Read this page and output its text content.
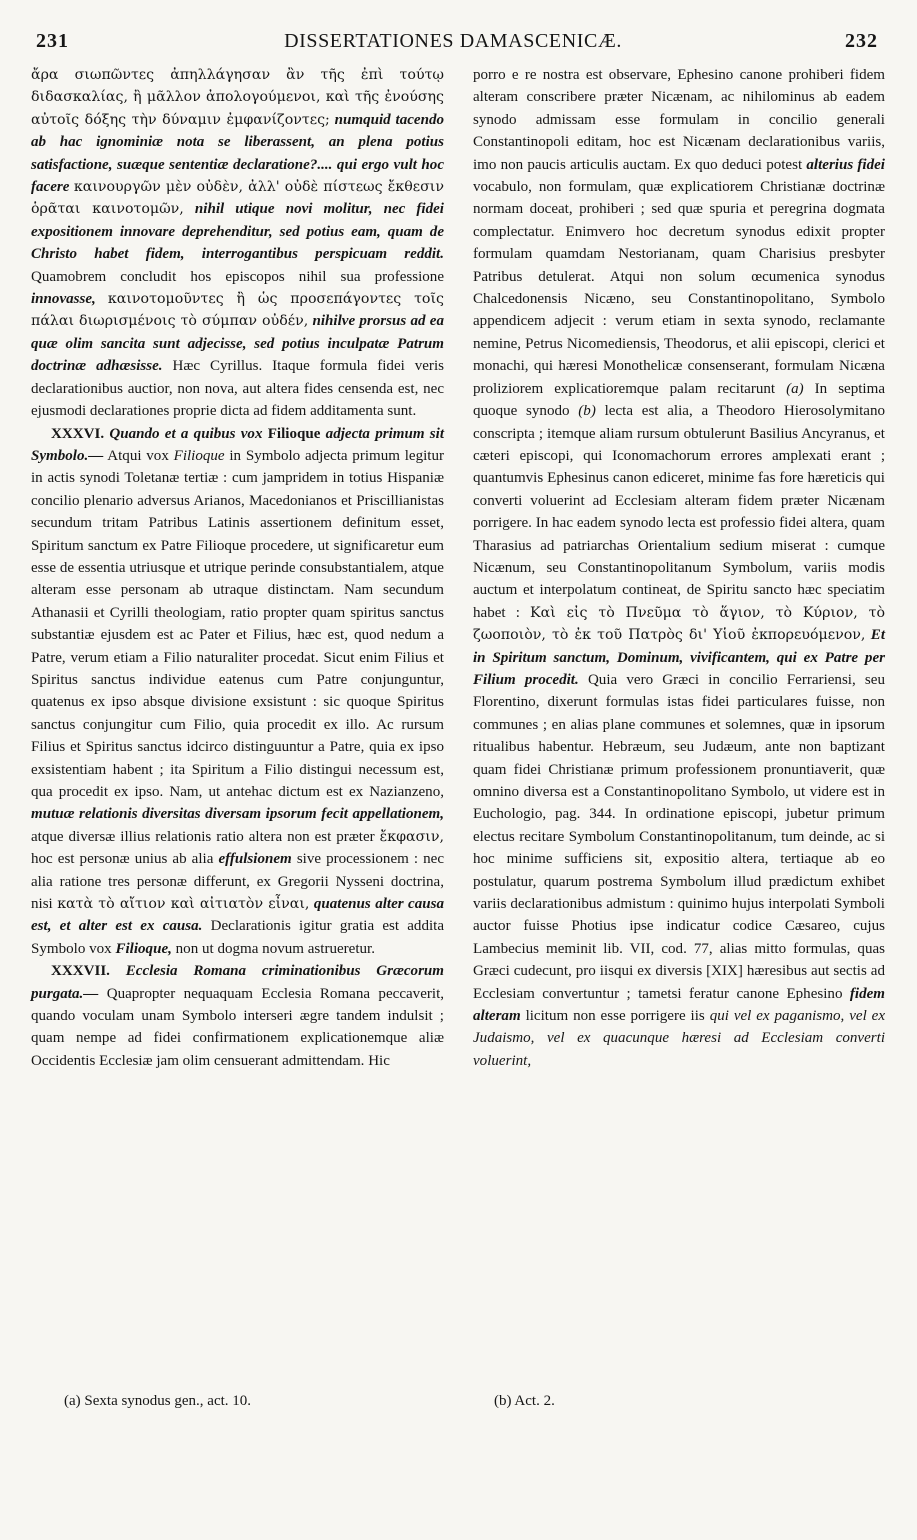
231	DISSERTATIONES DAMASCENICÆ.	232

ἄρα σιωπῶντες ἀπηλλάγησαν ἂν τῆς ἐπὶ τούτῳ διδασκαλίας, ἢ μᾶλλον ἀπολογούμενοι, καὶ τῆς ἐνούσης αὐτοῖς δόξης τὴν δύναμιν ἐμφανίζοντες; numquid tacendo ab hac ignominiæ nota se liberassent, an plena potius satisfactione, suæque sententiæ declaratione?.... qui ergo vult hoc facere καινουργῶν μὲν οὐδὲν, ἀλλ' οὐδὲ πίστεως ἔκθεσιν ὁρᾶται καινοτομῶν, nihil utique novi molitur, nec fidei expositionem innovare deprehenditur, sed potius eam, quam de Christo habet fidem, interrogantibus perspicuam reddit. Quamobrem concludit hos episcopos nihil sua professione innovasse, καινοτομοῦντες ἢ ὡς προσεπάγοντες τοῖς πάλαι διωρισμένοις τὸ σύμπαν οὐδέν, nihilve prorsus ad ea quæ olim sancita sunt adjecisse, sed potius inculpatæ Patrum doctrinæ adhæsisse. Hæc Cyrillus. Itaque formula fidei veris declarationibus auctior, non nova, aut altera fides censenda est, nec ejusmodi declarationes proprie dicta ad fidem additamenta sunt.

XXXVI. Quando et a quibus vox Filioque adjecta primum sit Symbolo.— Atqui vox Filioque in Symbolo adjecta primum legitur in actis synodi Toletanæ tertiæ : cum jampridem in totius Hispaniæ concilio plenario adversus Arianos, Macedonianos et Priscillianistas secundum tritam Patribus Latinis assertionem definitum esset, Spiritum sanctum ex Patre Filioque procedere, ut significaretur eum esse de essentia utriusque et utrique perinde consubstantialem, atque alteram esse personam ab utraque distinctam. Nam secundum Athanasii et Cyrilli theologiam, ratio propter quam spiritus sanctus substantiæ ejusdem est ac Pater et Filius, hæc est, quod nedum a Patre, verum etiam a Filio naturaliter procedat. Sicut enim Filius et Spiritus sanctus individue eatenus cum Patre conjunguntur, quatenus ex ipso absque divisione exsistunt : sic quoque Spiritus sanctus conjungitur cum Filio, quia procedit ex illo. Ac rursum Filius et Spiritus sanctus idcirco distinguuntur a Patre, quia ex ipso exsistentiam habent ; ita Spiritum a Filio distingui necessum est, qua procedit ex ipso. Nam, ut antehac dictum est ex Nazianzeno, mutuæ relationis diversitas diversam ipsorum fecit appellationem, atque diversæ illius relationis ratio altera non est præter ἔκφασιν, hoc est personæ unius ab alia effulsionem sive processionem : nec alia ratione tres personæ differunt, ex Gregorii Nysseni doctrina, nisi κατὰ τὸ αἴτιον καὶ αἰτιατὸν εἶναι, quatenus alter causa est, et alter est ex causa. Declarationis igitur gratia est addita Symbolo vox Filioque, non ut dogma novum astrueretur.

XXXVII. Ecclesia Romana criminationibus Græcorum purgata.— Quapropter nequaquam Ecclesia Romana peccaverit, quando voculam unam Symbolo interseri ægre tandem indulsit ; quam nempe ad fidei confirmationem explicationemque aliæ Occidentis Ecclesiæ jam olim censuerant admittendam. Hic

porro e re nostra est observare, Ephesino canone prohiberi fidem alteram conscribere præter Nicænam, ac nihilominus ab eadem synodo admissam esse formulam in concilio generali Constantinopoli editam, hoc est Nicænam declarationibus variis, imo non paucis articulis auctam. Ex quo deduci potest alterius fidei vocabulo, non formulam, quæ explicatiorem Christianæ doctrinæ normam doceat, prohiberi ; sed quæ spuria et peregrina dogmata complectatur. Enimvero hoc decretum synodus edixit propter formulam quamdam Nestorianam, quam Charisius presbyter Patribus detulerat. Atqui non solum œcumenica synodus Chalcedonensis Nicæno, seu Constantinopolitano, Symbolo appendicem adjecit : verum etiam in sexta synodo, reclamante nemine, Petrus Nicomediensis, Theodorus, et alii episcopi, clerici et monachi, qui hæresi Monothelicæ consenserant, formulam Nicæna proliziorem explicatioremque palam recitarunt (a) In septima quoque synodo (b) lecta est alia, a Theodoro Hierosolymitano conscripta ; itemque aliam rursum obtulerunt Basilius Ancyranus, et cæteri episcopi, qui Iconomachorum errores amplexati erant ; quantumvis Ephesinus canon ediceret, minime fas fore hæreticis qui converti voluerint ad Ecclesiam alteram fidem præter Nicænam porrigere. In hac eadem synodo lecta est professio fidei altera, quam Tharasius ad patriarchas Orientalium sedium miserat : cumque Nicænum, seu Constantinopolitanum Symbolum, variis modis auctum et interpolatum contineat, de Spiritu sancto hæc speciatim habet : Καὶ εἰς τὸ Πνεῦμα τὸ ἅγιον, τὸ Κύριον, τὸ ζωοποιὸν, τὸ ἐκ τοῦ Πατρὸς δι' Υἱοῦ ἐκπορευόμενον, Et in Spiritum sanctum, Dominum, vivificantem, qui ex Patre per Filium procedit. Quia vero Græci in concilio Ferrariensi, seu Florentino, dixerunt formulas istas fidei particulares fuisse, non communes ; en alias plane communes et solemnes, quæ in ipsorum ritualibus habentur. Hebræum, seu Judæum, ante non baptizant quam fidei Christianæ primum professionem pronuntiaverit, quæ omnino diversa est a Constantinopolitano Symbolo, ut videre est in Euchologio, pag. 344. In ordinatione episcopi, jubetur primum electus recitare Symbolum Constantinopolitanum, tum deinde, ac si hoc minime sufficiens sit, expositio altera, tertiaque ab eo postulatur, quarum postrema Symbolum illud prædictum exhibet variis declarationibus admistum : quinimo hujus interpolati Symboli auctor fuisse Photius ipse indicatur codice Cæsareo, cujus Lambecius meminit lib. VII, cod. 77, alias mitto formulas, quas Græci cudecunt, pro iisqui ex diversis [XIX] hæresibus aut sectis ad Ecclesiam convertuntur ; tametsi feratur canone Ephesino fidem alteram licitum non esse porrigere iis qui vel ex paganismo, vel ex Judaismo, vel ex quacunque hæresi ad Ecclesiam converti voluerint,

(a) Sexta synodus gen., act. 10.	(b) Act. 2.
